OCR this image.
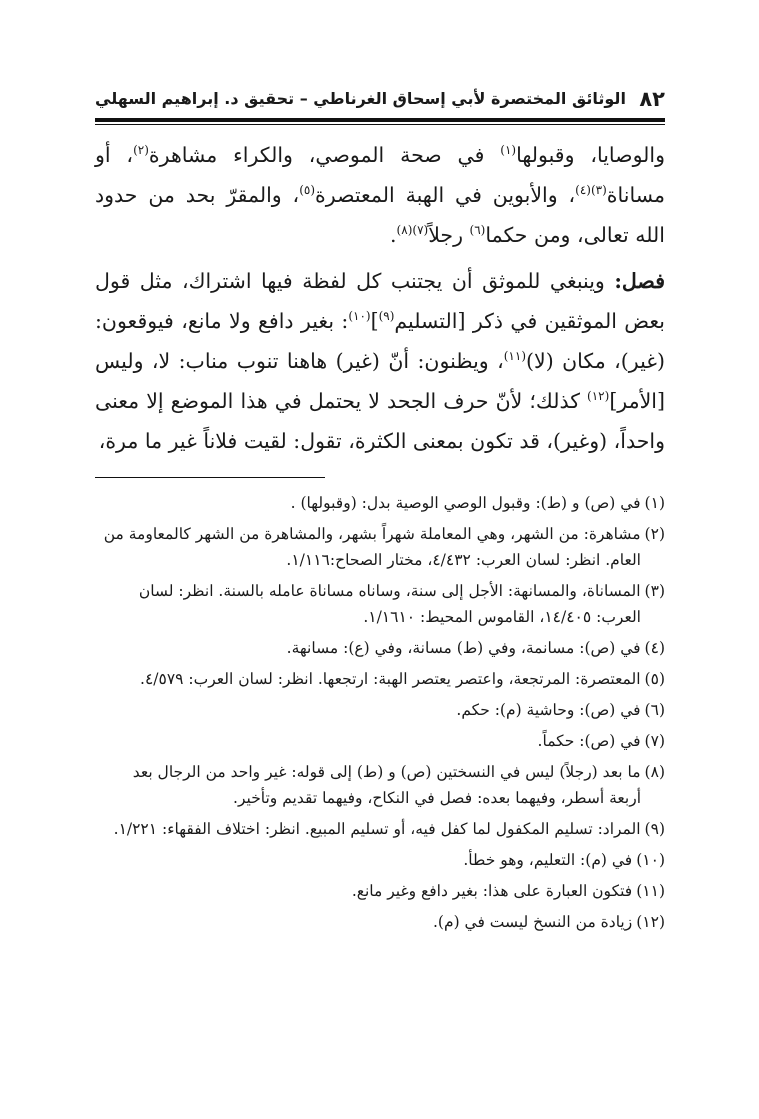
٨٢
الوثائق المختصرة لأبي إسحاق الغرناطي – تحقيق د. إبراهيم السهلي

والوصايا، وقبولها$^{(١)}$ في صحة الموصي، والكراء مشاهرة$^{(٢)}$، أو مساناة$^{(٣)(٤)}$، والأبوين في الهبة المعتصرة$^{(٥)}$، والمقرّ بحد من حدود الله تعالى، ومن حكما$^{(٦)}$ رجلاً$^{(٧)(٨)}$.

فصل: وينبغي للموثق أن يجتنب كل لفظة فيها اشتراك، مثل قول بعض الموثقين في ذكر [التسليم$^{(٩)}$]$^{(١٠)}$: بغير دافع ولا مانع، فيوقعون: (غير)، مكان (لا)$^{(١١)}$، ويظنون: أنّ (غير) هاهنا تنوب مناب: لا، وليس [الأمر]$^{(١٢)}$ كذلك؛ لأنّ حرف الجحد لا يحتمل في هذا الموضع إلا معنى واحداً، (وغير)، قد تكون بمعنى الكثرة، تقول: لقيت فلاناً غير ما مرة،

(١)في (ص) و (ط): وقبول الوصي الوصية بدل: (وقبولها) .
(٢)مشاهرة: من الشهر، وهي المعاملة شهراً بشهر، والمشاهرة من الشهر كالمعاومة من
العام. انظر: لسان العرب: ٤/٤٣٢، مختار الصحاح:١/١١٦.
(٣)المساناة، والمسانهة: الأجل إلى سنة، وساناه مساناة عامله بالسنة. انظر: لسان
العرب: ١٤/٤٠٥، القاموس المحيط: ١/١٦١٠.
(٤)في (ص): مسانمة، وفي (ط) مسانة، وفي (ع): مسانهة.
(٥)المعتصرة: المرتجعة، واعتصر يعتصر الهبة: ارتجعها. انظر: لسان العرب: ٤/٥٧٩.
(٦)في (ص): وحاشية (م): حكم.
(٧)في (ص): حكماً.
(٨)ما بعد (رجلاً) ليس في النسختين (ص) و (ط) إلى قوله: غير واحد من الرجال بعد
أربعة أسطر، وفيهما بعده: فصل في النكاح، وفيهما تقديم وتأخير.
(٩)المراد: تسليم المكفول لما كفل فيه، أو تسليم المبيع. انظر: اختلاف الفقهاء: ١/٢٢١.
(١٠)في (م): التعليم، وهو خطأ.
(١١)فتكون العبارة على هذا: بغير دافع وغير مانع.
(١٢)زيادة من النسخ ليست في (م).
